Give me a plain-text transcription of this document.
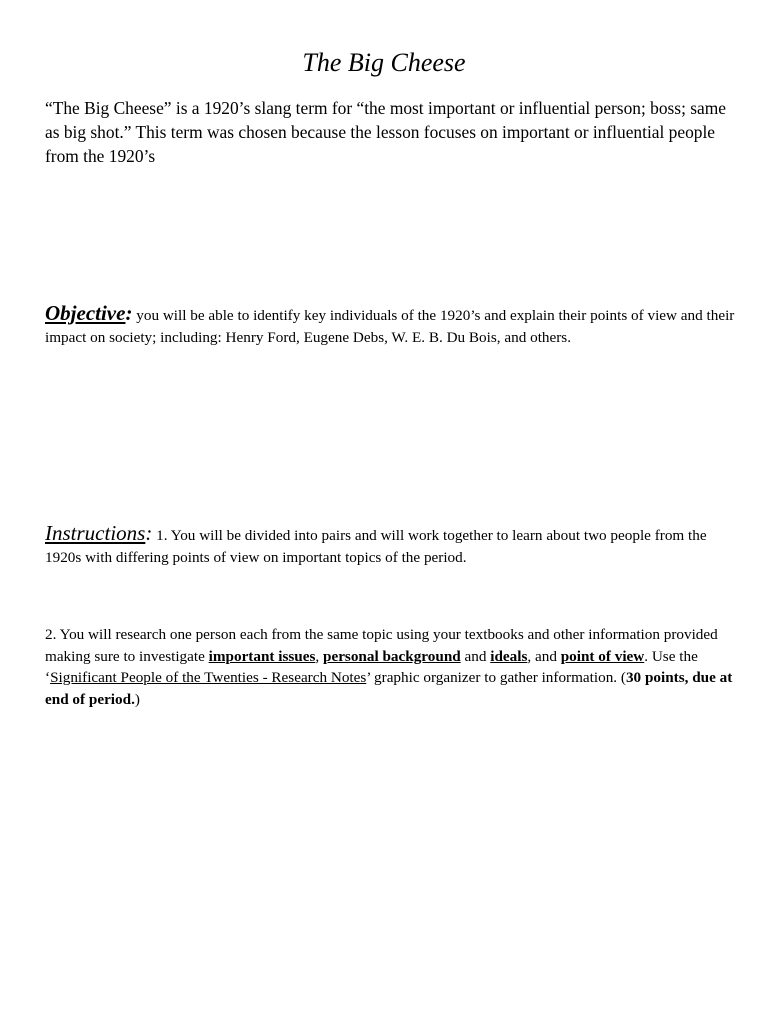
The Big Cheese

“The Big Cheese” is a 1920’s slang term for “the most important or influential person; boss; same as big shot.” This term was chosen because the lesson focuses on important or influential people from the 1920’s

Objective: you will be able to identify key individuals of the 1920’s and explain their points of view and their impact on society; including: Henry Ford, Eugene Debs, W. E. B. Du Bois, and others.

Instructions: 1. You will be divided into pairs and will work together to learn about two people from the 1920s with differing points of view on important topics of the period.

2. You will research one person each from the same topic using your textbooks and other information provided making sure to investigate important issues, personal background and ideals, and point of view. Use the ‘Significant People of the Twenties - Research Notes’ graphic organizer to gather information. (30 points, due at end of period.)
